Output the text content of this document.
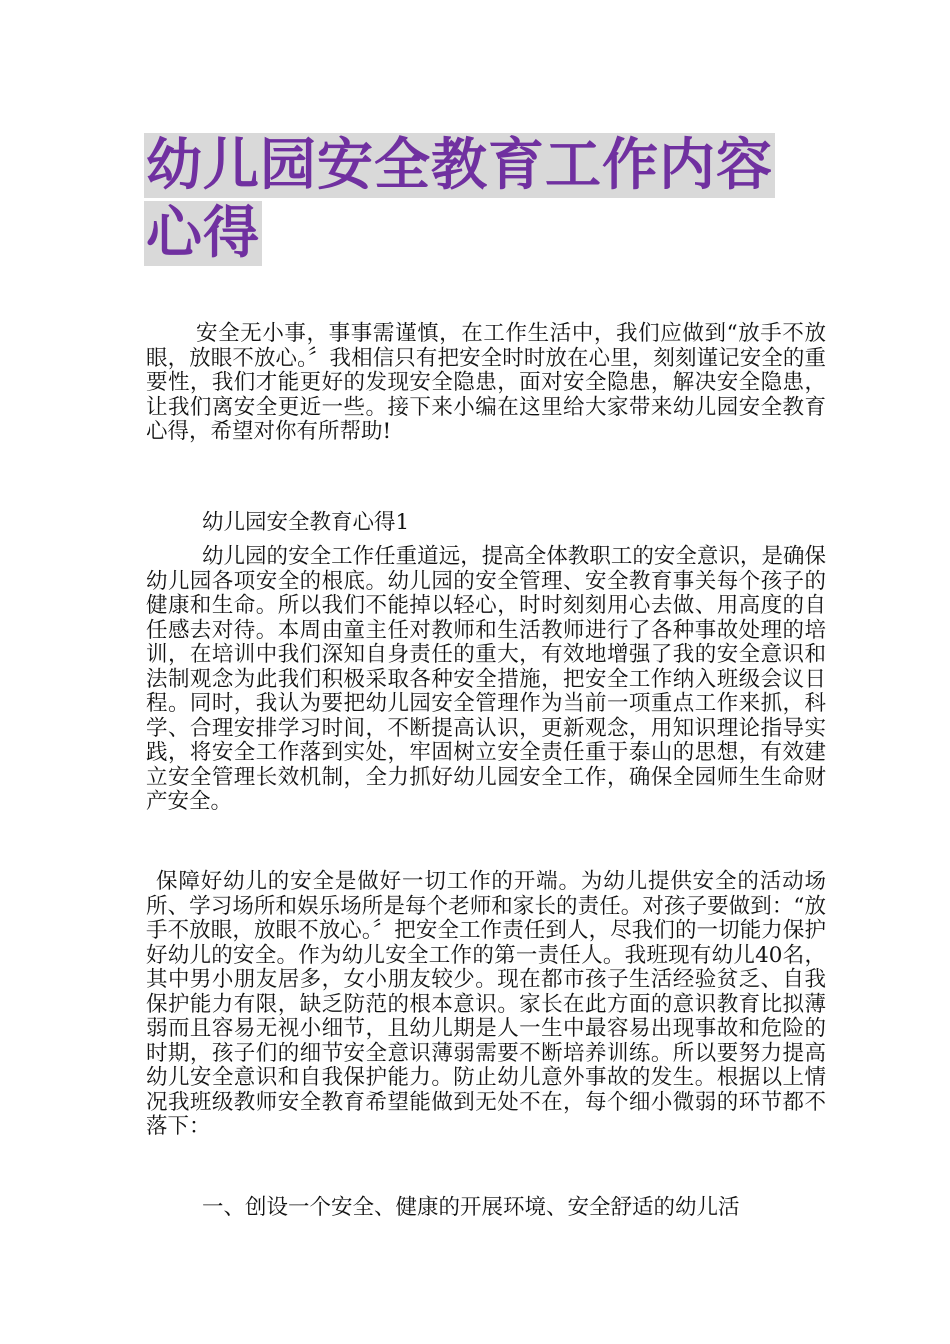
幼儿园安全教育工作内容心得

安全无小事，事事需谨慎，在工作生活中，我们应做到“放手不放眼，放眼不放心。〞我相信只有把安全时时放在心里，刻刻谨记安全的重要性，我们才能更好的发现安全隐患，面对安全隐患，解决安全隐患，让我们离安全更近一些。接下来小编在这里给大家带来幼儿园安全教育心得，希望对你有所帮助!

幼儿园安全教育心得1

幼儿园的安全工作任重道远，提高全体教职工的安全意识，是确保幼儿园各项安全的根底。幼儿园的安全管理、安全教育事关每个孩子的健康和生命。所以我们不能掉以轻心，时时刻刻用心去做、用高度的自任感去对待。本周由童主任对教师和生活教师进行了各种事故处理的培训，在培训中我们深知自身责任的重大，有效地增强了我的安全意识和法制观念为此我们积极采取各种安全措施，把安全工作纳入班级会议日程。同时，我认为要把幼儿园安全管理作为当前一项重点工作来抓，科学、合理安排学习时间，不断提高认识，更新观念，用知识理论指导实践，将安全工作落到实处，牢固树立安全责任重于泰山的思想，有效建立安全管理长效机制，全力抓好幼儿园安全工作，确保全园师生生命财产安全。

保障好幼儿的安全是做好一切工作的开端。为幼儿提供安全的活动场所、学习场所和娱乐场所是每个老师和家长的责任。对孩子要做到：“放手不放眼，放眼不放心。〞把安全工作责任到人，尽我们的一切能力保护好幼儿的安全。作为幼儿安全工作的第一责任人。我班现有幼儿40名，其中男小朋友居多，女小朋友较少。现在都市孩子生活经验贫乏、自我保护能力有限，缺乏防范的根本意识。家长在此方面的意识教育比拟薄弱而且容易无视小细节，且幼儿期是人一生中最容易出现事故和危险的时期，孩子们的细节安全意识薄弱需要不断培养训练。所以要努力提高幼儿安全意识和自我保护能力。防止幼儿意外事故的发生。根据以上情况我班级教师安全教育希望能做到无处不在，每个细小微弱的环节都不落下：

一、创设一个安全、健康的开展环境、安全舒适的幼儿活
